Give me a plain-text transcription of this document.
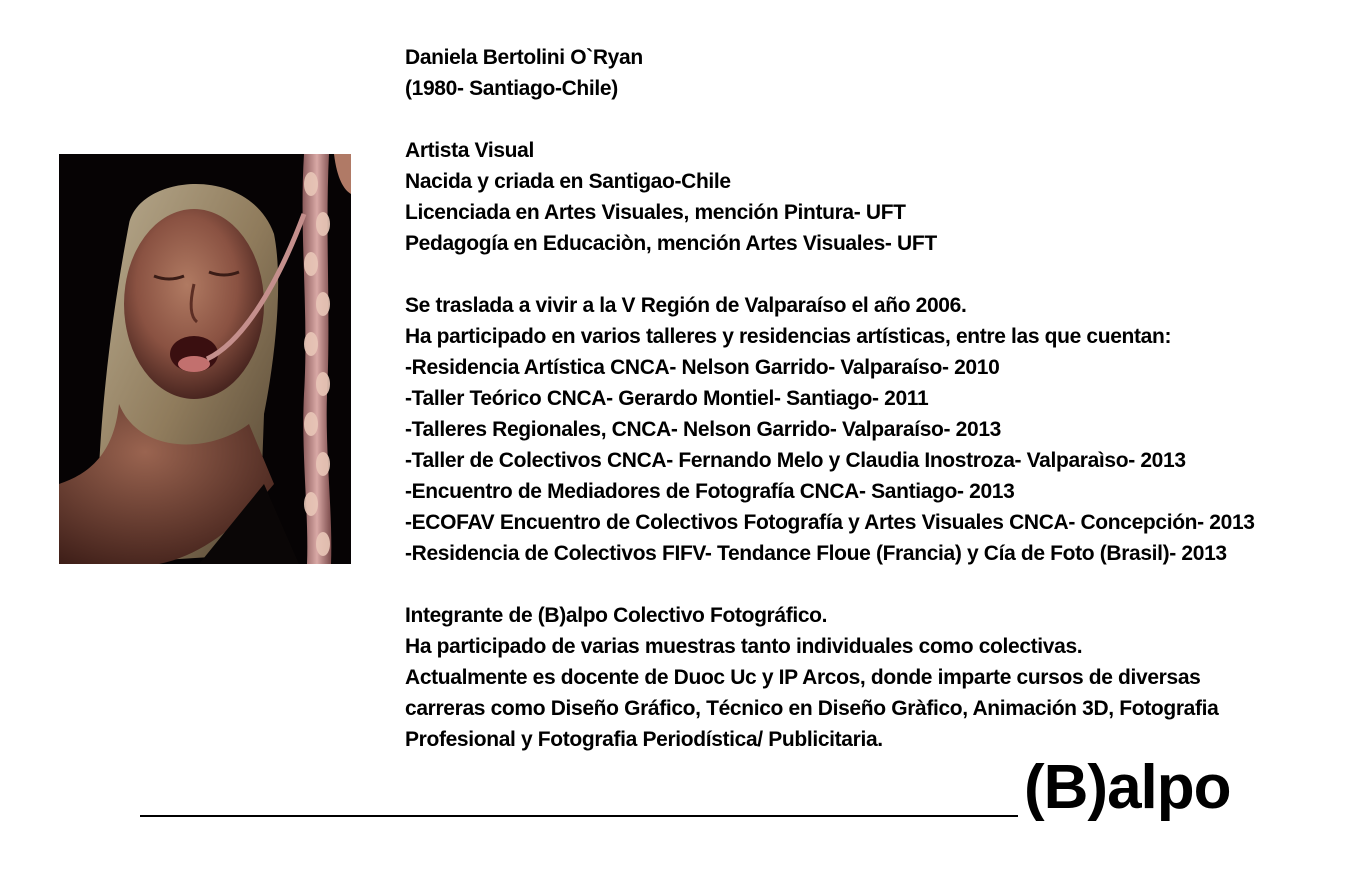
Daniela Bertolini O`Ryan
(1980- Santiago-Chile)
Artista Visual
Nacida y criada en Santigao-Chile
Licenciada en Artes Visuales, mención Pintura- UFT
Pedagogía en Educaciòn, mención Artes Visuales- UFT
Se traslada a vivir a la V Región de Valparaíso el año 2006.
Ha participado en varios talleres y residencias artísticas, entre las que cuentan:
-Residencia Artística CNCA- Nelson Garrido- Valparaíso- 2010
-Taller Teórico CNCA- Gerardo Montiel- Santiago- 2011
-Talleres Regionales, CNCA- Nelson Garrido- Valparaíso- 2013
-Taller de Colectivos CNCA- Fernando Melo y Claudia Inostroza- Valparaìso- 2013
-Encuentro de Mediadores de Fotografía CNCA- Santiago- 2013
-ECOFAV Encuentro de Colectivos Fotografía y Artes Visuales CNCA- Concepción- 2013
-Residencia de Colectivos FIFV- Tendance Floue (Francia) y Cía de Foto (Brasil)- 2013
Integrante de (B)alpo Colectivo Fotográfico.
Ha participado de varias muestras tanto individuales como colectivas.
Actualmente es docente de Duoc Uc y IP Arcos, donde imparte cursos de diversas
carreras como Diseño Gráfico, Técnico en Diseño Gràfico, Animación 3D, Fotografia
Profesional y Fotografia Periodística/ Publicitaria.
(B)alpo
